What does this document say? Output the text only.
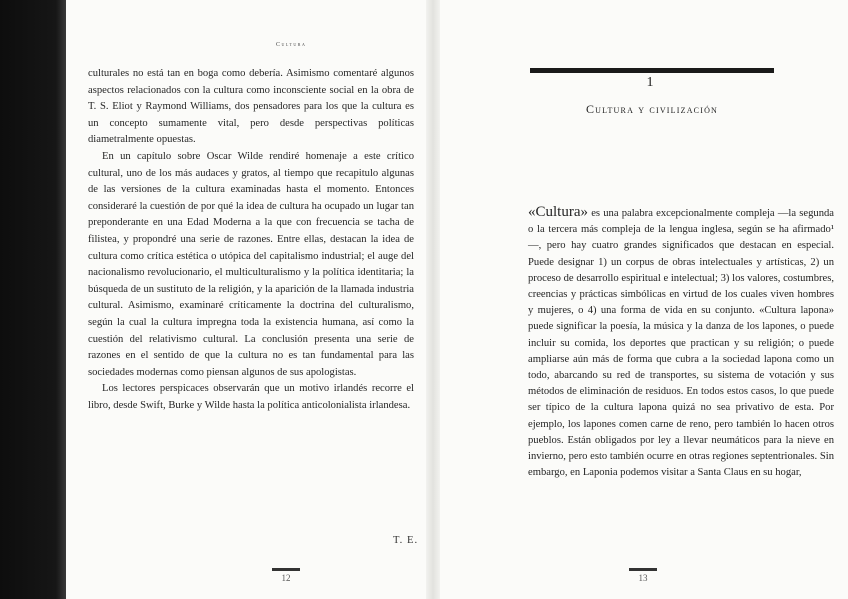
Cultura
12

culturales no está tan en boga como debería. Asimismo comentaré algunos aspectos relacionados con la cultura como inconsciente social en la obra de T. S. Eliot y Raymond Williams, dos pensadores para los que la cultura es un concepto sumamente vital, pero desde perspectivas políticas diametralmente opuestas.

En un capítulo sobre Oscar Wilde rendiré homenaje a este crítico cultural, uno de los más audaces y gratos, al tiempo que recapitulo algunas de las versiones de la cultura examinadas hasta el momento. Entonces consideraré la cuestión de por qué la idea de cultura ha ocupado un lugar tan preponderante en una Edad Moderna a la que con frecuencia se tacha de filistea, y propondré una serie de razones. Entre ellas, destacan la idea de cultura como crítica estética o utópica del capitalismo industrial; el auge del nacionalismo revolucionario, el multiculturalismo y la política identitaria; la búsqueda de un sustituto de la religión, y la aparición de la llamada industria cultural. Asimismo, examinaré críticamente la doctrina del culturalismo, según la cual la cultura impregna toda la existencia humana, así como la cuestión del relativismo cultural. La conclusión presenta una serie de razones en el sentido de que la cultura no es tan fundamental para las sociedades modernas como piensan algunos de sus apologistas.

Los lectores perspicaces observarán que un motivo irlandés recorre el libro, desde Swift, Burke y Wilde hasta la política anticolonialista irlandesa.

T. E.
1
Cultura y civilización

«Cultura» es una palabra excepcionalmente compleja —la segunda o la tercera más compleja de la lengua inglesa, según se ha afirmado¹—, pero hay cuatro grandes significados que destacan en especial. Puede designar 1) un corpus de obras intelectuales y artísticas, 2) un proceso de desarrollo espiritual e intelectual; 3) los valores, costumbres, creencias y prácticas simbólicas en virtud de los cuales viven hombres y mujeres, o 4) una forma de vida en su conjunto. «Cultura lapona» puede significar la poesía, la música y la danza de los lapones, o puede incluir su comida, los deportes que practican y su religión; o puede ampliarse aún más de forma que cubra a la sociedad lapona como un todo, abarcando su red de transportes, su sistema de votación y sus métodos de eliminación de residuos. En todos estos casos, lo que puede ser típico de la cultura lapona quizá no sea privativo de esta. Por ejemplo, los lapones comen carne de reno, pero también lo hacen otros pueblos. Están obligados por ley a llevar neumáticos para la nieve en invierno, pero esto también ocurre en otras regiones septentrionales. Sin embargo, en Laponia podemos visitar a Santa Claus en su hogar,

13
